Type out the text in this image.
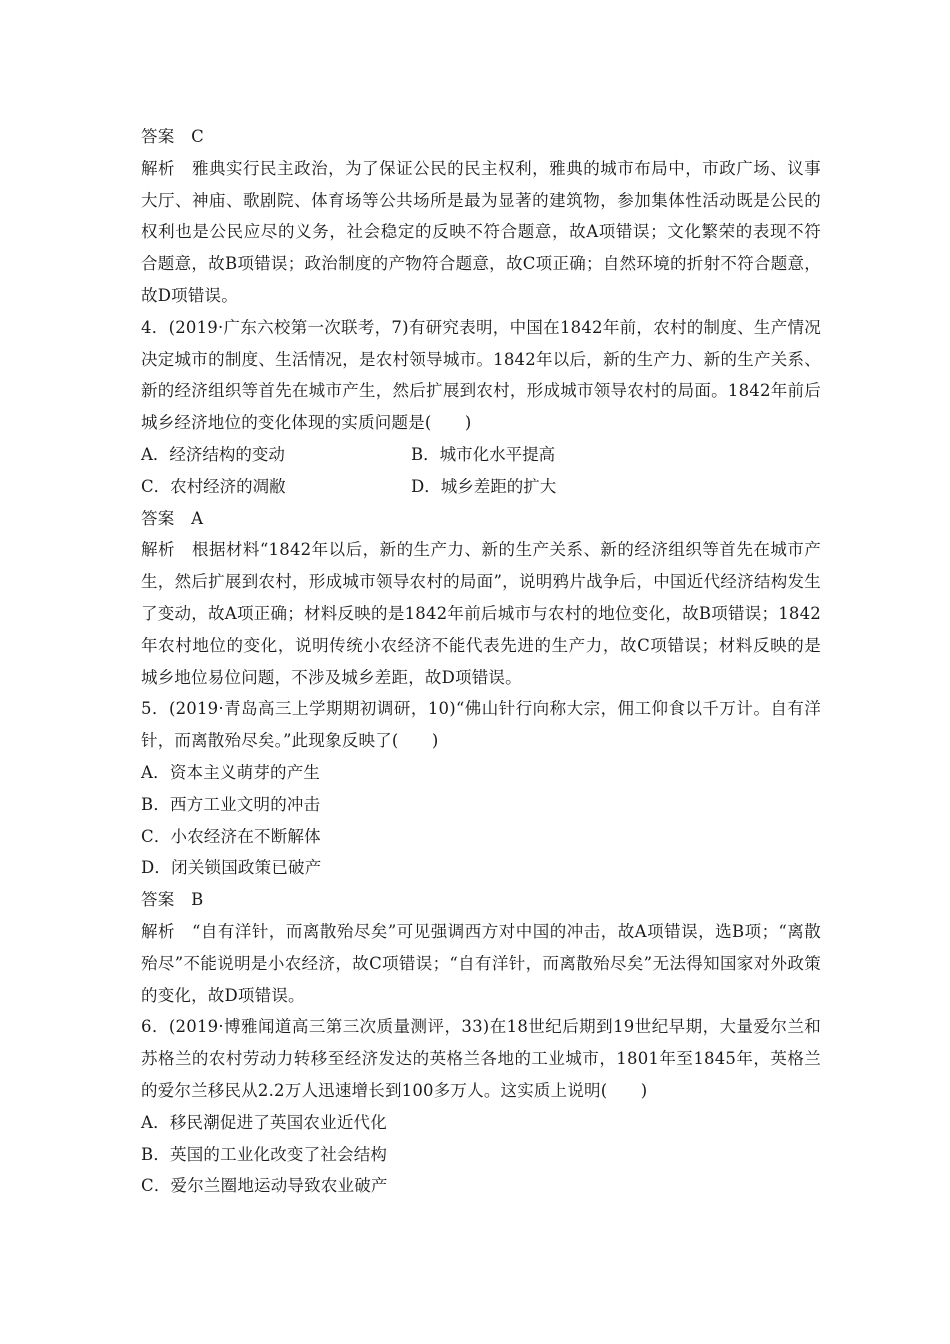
答案　C
解析　雅典实行民主政治，为了保证公民的民主权利，雅典的城市布局中，市政广场、议事大厅、神庙、歌剧院、体育场等公共场所是最为显著的建筑物，参加集体性活动既是公民的权利也是公民应尽的义务，社会稳定的反映不符合题意，故A项错误；文化繁荣的表现不符合题意，故B项错误；政治制度的产物符合题意，故C项正确；自然环境的折射不符合题意，故D项错误。
4．(2019·广东六校第一次联考，7)有研究表明，中国在1842年前，农村的制度、生产情况决定城市的制度、生活情况，是农村领导城市。1842年以后，新的生产力、新的生产关系、新的经济组织等首先在城市产生，然后扩展到农村，形成城市领导农村的局面。1842年前后城乡经济地位的变化体现的实质问题是(　　)
A．经济结构的变动	B．城市化水平提高
C．农村经济的凋敝	D．城乡差距的扩大
答案　A
解析　根据材料“1842年以后，新的生产力、新的生产关系、新的经济组织等首先在城市产生，然后扩展到农村，形成城市领导农村的局面”，说明鸦片战争后，中国近代经济结构发生了变动，故A项正确；材料反映的是1842年前后城市与农村的地位变化，故B项错误；1842年农村地位的变化，说明传统小农经济不能代表先进的生产力，故C项错误；材料反映的是城乡地位易位问题，不涉及城乡差距，故D项错误。
5．(2019·青岛高三上学期期初调研，10)“佛山针行向称大宗，佣工仰食以千万计。自有洋针，而离散殆尽矣。”此现象反映了(　　)
A．资本主义萌芽的产生
B．西方工业文明的冲击
C．小农经济在不断解体
D．闭关锁国政策已破产
答案　B
解析　“自有洋针，而离散殆尽矣”可见强调西方对中国的冲击，故A项错误，选B项；“离散殆尽”不能说明是小农经济，故C项错误；“自有洋针，而离散殆尽矣”无法得知国家对外政策的变化，故D项错误。
6．(2019·博雅闻道高三第三次质量测评，33)在18世纪后期到19世纪早期，大量爱尔兰和苏格兰的农村劳动力转移至经济发达的英格兰各地的工业城市，1801年至1845年，英格兰的爱尔兰移民从2.2万人迅速增长到100多万人。这实质上说明(　　)
A．移民潮促进了英国农业近代化
B．英国的工业化改变了社会结构
C．爱尔兰圈地运动导致农业破产
